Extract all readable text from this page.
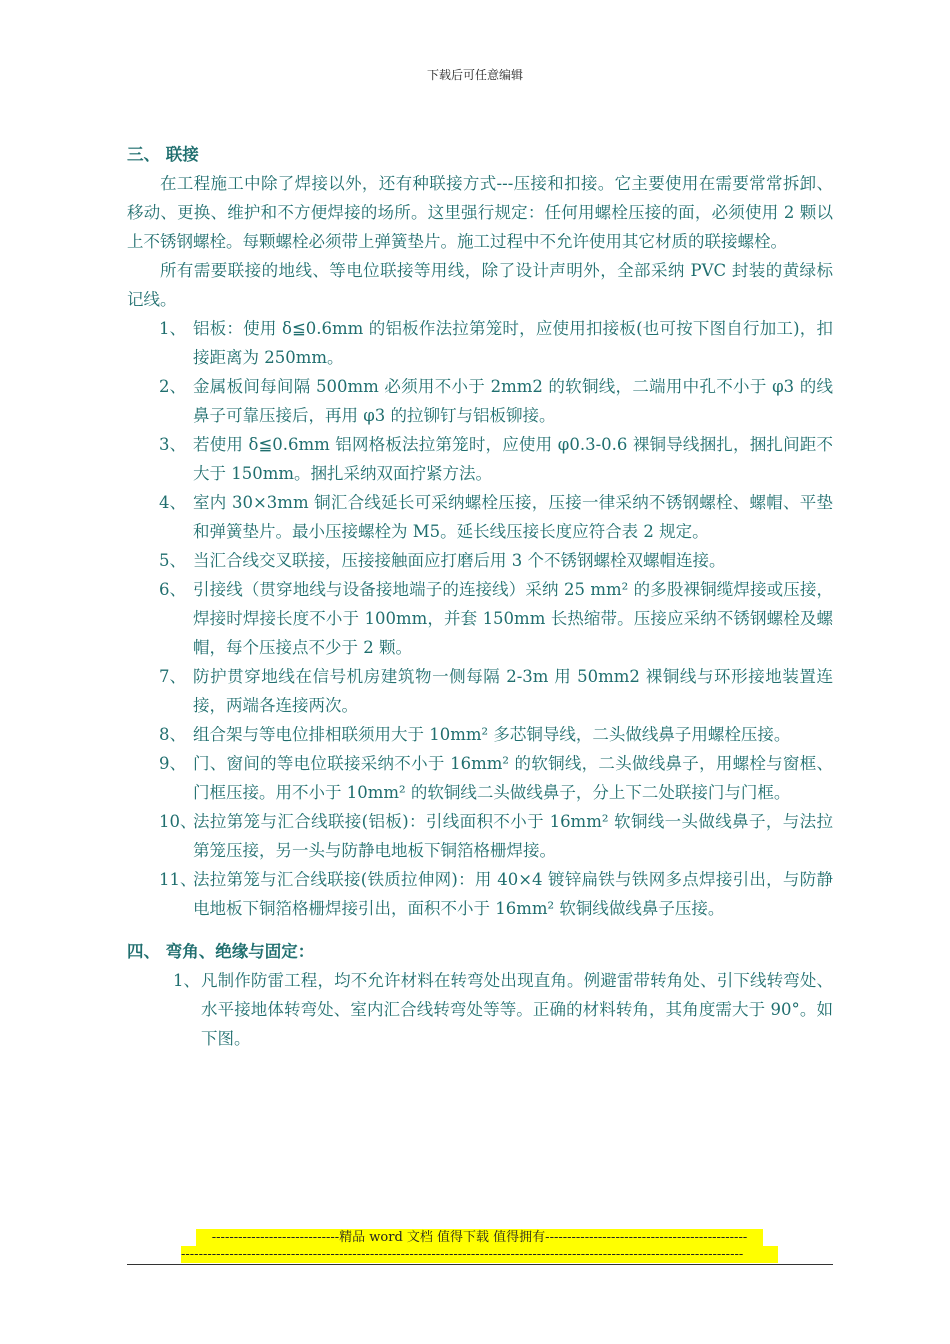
下载后可任意编辑

三、 联接

在工程施工中除了焊接以外，还有种联接方式---压接和扣接。它主要使用在需要常常拆卸、移动、更换、维护和不方便焊接的场所。这里强行规定：任何用螺栓压接的面，必须使用 2 颗以上不锈钢螺栓。每颗螺栓必须带上弹簧垫片。施工过程中不允许使用其它材质的联接螺栓。

所有需要联接的地线、等电位联接等用线，除了设计声明外，全部采纳 PVC 封装的黄绿标记线。

1、 铝板：使用 δ≦0.6mm 的铝板作法拉第笼时，应使用扣接板(也可按下图自行加工)，扣接距离为 250mm。
2、 金属板间每间隔 500mm 必须用不小于 2mm2 的软铜线，二端用中孔不小于 φ3 的线鼻子可靠压接后，再用 φ3 的拉铆钉与铝板铆接。
3、 若使用 δ≦0.6mm 铝网格板法拉第笼时，应使用 φ0.3-0.6 裸铜导线捆扎，捆扎间距不大于 150mm。捆扎采纳双面拧紧方法。
4、 室内 30×3mm 铜汇合线延长可采纳螺栓压接，压接一律采纳不锈钢螺栓、螺帽、平垫和弹簧垫片。最小压接螺栓为 M5。延长线压接长度应符合表 2 规定。
5、 当汇合线交叉联接，压接接触面应打磨后用 3 个不锈钢螺栓双螺帽连接。
6、 引接线（贯穿地线与设备接地端子的连接线）采纳 25 mm² 的多股裸铜缆焊接或压接，焊接时焊接长度不小于 100mm，并套 150mm 长热缩带。压接应采纳不锈钢螺栓及螺帽，每个压接点不少于 2 颗。
7、 防护贯穿地线在信号机房建筑物一侧每隔 2-3m 用 50mm2 裸铜线与环形接地装置连接，两端各连接两次。
8、 组合架与等电位排相联须用大于 10mm² 多芯铜导线，二头做线鼻子用螺栓压接。
9、 门、窗间的等电位联接采纳不小于 16mm² 的软铜线，二头做线鼻子，用螺栓与窗框、门框压接。用不小于 10mm² 的软铜线二头做线鼻子，分上下二处联接门与门框。
10、
法拉第笼与汇合线联接(铝板)：引线面积不小于 16mm² 软铜线一头做线鼻子，与法拉第笼压接，另一头与防静电地板下铜箔格栅焊接。
11、
法拉第笼与汇合线联接(铁质拉伸网)：用 40×4 镀锌扁铁与铁网多点焊接引出，与防静电地板下铜箔格栅焊接引出，面积不小于 16mm² 软铜线做线鼻子压接。

四、 弯角、绝缘与固定：

1、 凡制作防雷工程，均不允许材料在转弯处出现直角。例避雷带转角处、引下线转弯处、水平接地体转弯处、室内汇合线转弯处等等。正确的材料转角，其角度需大于 90°。如下图。
-----------------------------精品 word 文档 值得下载 值得拥有----------------------------------------------
--------------------------------------------------------------------------------------------------------------------------------
